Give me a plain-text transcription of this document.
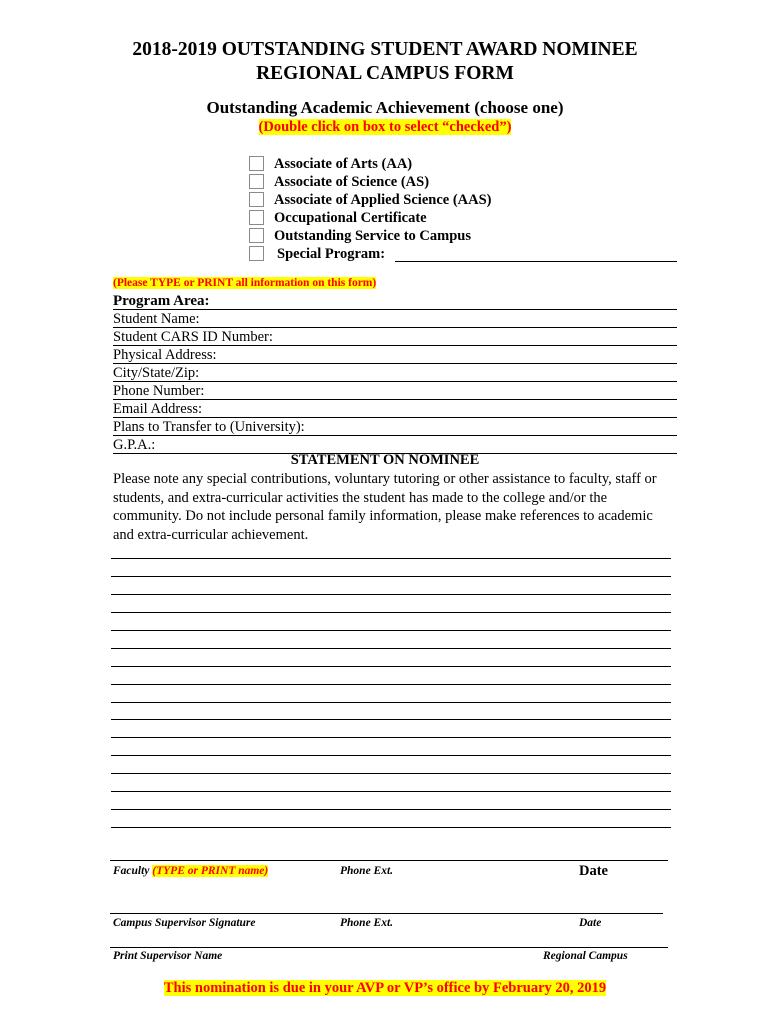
2018-2019 OUTSTANDING STUDENT AWARD NOMINEE
REGIONAL CAMPUS FORM
Outstanding Academic Achievement (choose one)
(Double click on box to select “checked”)
Associate of Arts (AA)
Associate of Science (AS)
Associate of Applied Science (AAS)
Occupational Certificate
Outstanding Service to Campus
Special Program:
(Please TYPE or PRINT all information on this form)
Program Area:
Student Name:
Student CARS ID Number:
Physical Address:
City/State/Zip:
Phone Number:
Email Address:
Plans to Transfer to (University):
G.P.A.:
STATEMENT ON NOMINEE
Please note any special contributions, voluntary tutoring or other assistance to faculty, staff or students, and extra-curricular activities the student has made to the college and/or the community. Do not include personal family information, please make references to academic and extra-curricular achievement.
Faculty (TYPE or PRINT name)	Phone Ext.	Date
Campus Supervisor Signature	Phone Ext.	Date
Print Supervisor Name	Regional Campus
This nomination is due in your AVP or VP’s office by February 20, 2019
